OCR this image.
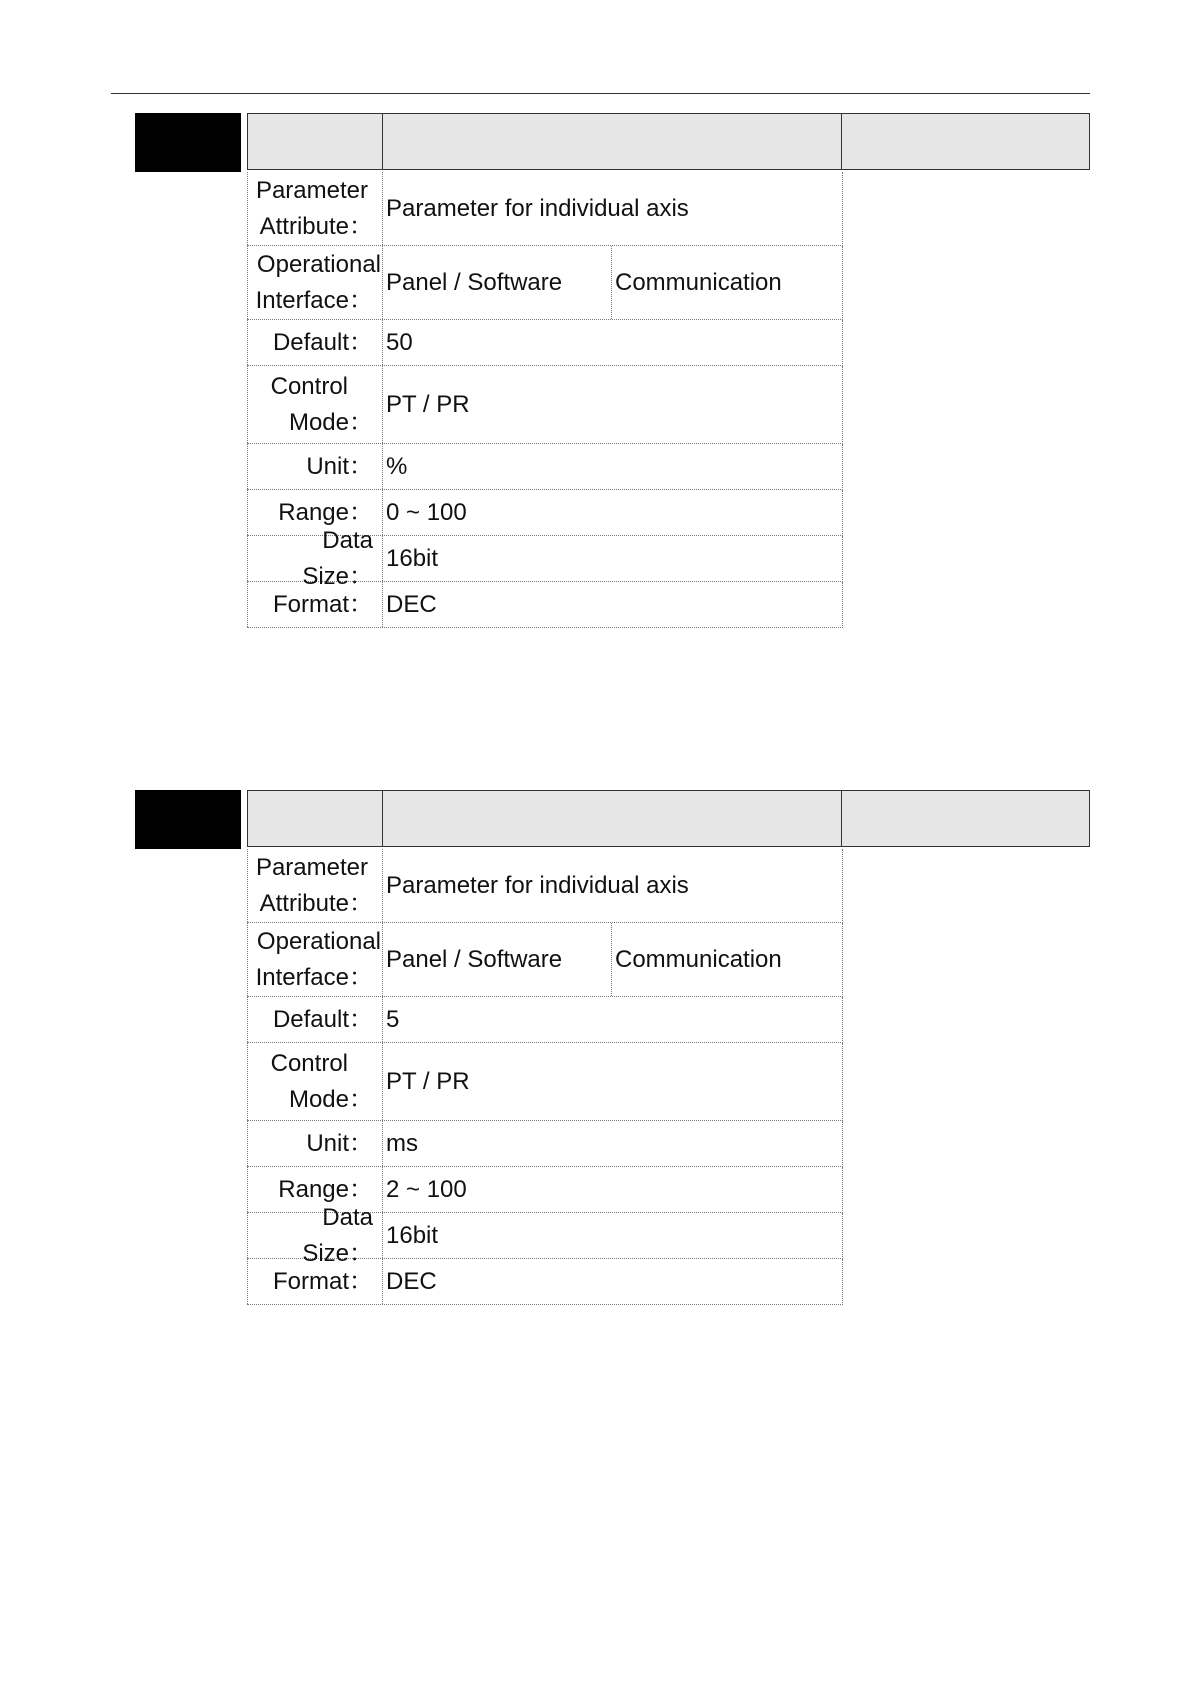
Parameter
Attribute：
Parameter for individual axis
Operational
Interface：
Panel / Software	Communication
Default： 50
Control
Mode：
PT / PR
Unit： %
Range： 0 ~ 100
Data Size：
16bit
Format： DEC
Parameter
Attribute：
Parameter for individual axis
Operational
Interface：
Panel / Software	Communication
Default： 5
Control
Mode：
PT / PR
Unit： ms
Range： 2 ~ 100
Data Size：
16bit
Format： DEC
